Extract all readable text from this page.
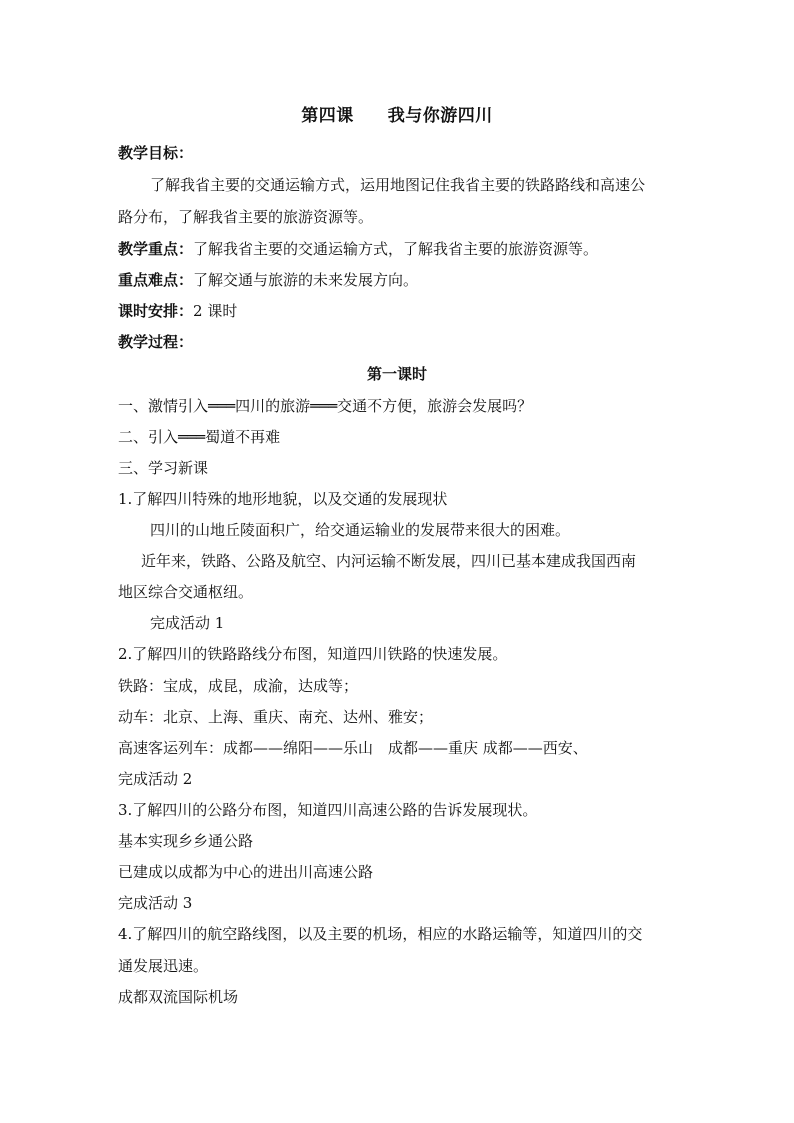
第四课 我与你游四川
教学目标：
了解我省主要的交通运输方式，运用地图记住我省主要的铁路路线和高速公
路分布，了解我省主要的旅游资源等。
教学重点：了解我省主要的交通运输方式，了解我省主要的旅游资源等。
重点难点：了解交通与旅游的未来发展方向。
课时安排：2 课时
教学过程：
第一课时
一、激情引入═══四川的旅游═══交通不方便，旅游会发展吗？
二、引入═══蜀道不再难
三、学习新课
1.了解四川特殊的地形地貌，以及交通的发展现状
四川的山地丘陵面积广，给交通运输业的发展带来很大的困难。
近年来，铁路、公路及航空、内河运输不断发展，四川已基本建成我国西南
地区综合交通枢纽。
完成活动 1
2.了解四川的铁路路线分布图，知道四川铁路的快速发展。
铁路：宝成，成昆，成渝，达成等；
动车：北京、上海、重庆、南充、达州、雅安；
高速客运列车：成都——绵阳——乐山　成都——重庆 成都——西安、
完成活动 2
3.了解四川的公路分布图，知道四川高速公路的告诉发展现状。
基本实现乡乡通公路
已建成以成都为中心的进出川高速公路
完成活动 3
4.了解四川的航空路线图，以及主要的机场，相应的水路运输等，知道四川的交
通发展迅速。
成都双流国际机场
